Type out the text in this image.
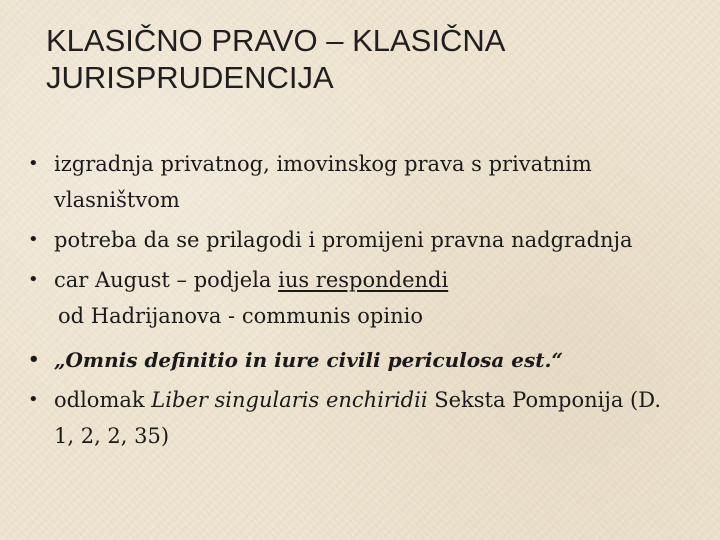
KLASIČNO PRAVO – KLASIČNA
JURISPRUDENCIJA
• izgradnja privatnog, imovinskog prava s privatnim vlasništvom
• potreba da se prilagodi i promijeni pravna nadgradnja
• car August – podjela ius respondendi
od Hadrijanova - communis opinio
• „Omnis definitio in iure civili periculosa est.“
• odlomak Liber singularis enchiridii Seksta Pomponija (D. 1, 2, 2, 35)
